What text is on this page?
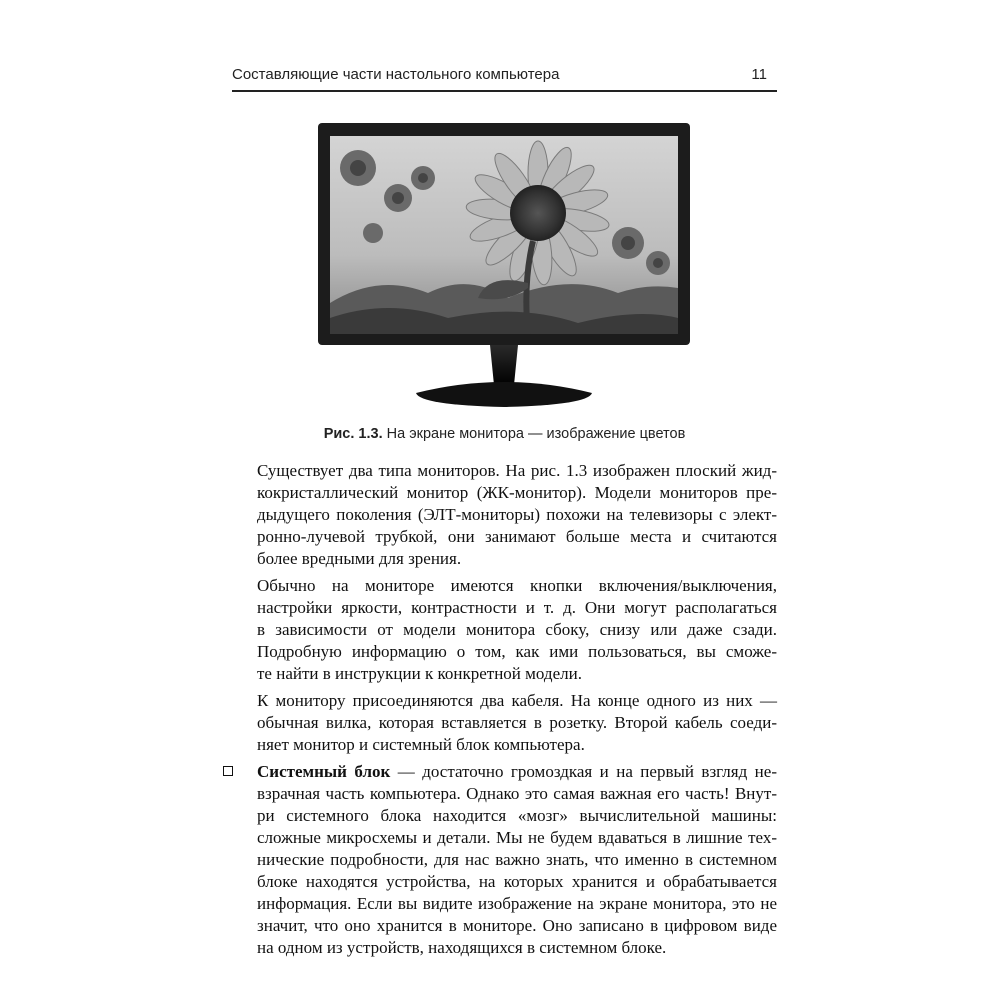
Составляющие части настольного компьютера	11
Рис. 1.3. На экране монитора — изображение цветов
Существует два типа мониторов. На рис. 1.3 изображен плоский жид-
кокристаллический монитор (ЖК-монитор). Модели мониторов пре-
дыдущего поколения (ЭЛТ-мониторы) похожи на телевизоры с элект-
ронно-лучевой трубкой, они занимают больше места и считаются
более вредными для зрения.
Обычно на мониторе имеются кнопки включения/выключения,
настройки яркости, контрастности и т. д. Они могут располагаться
в зависимости от модели монитора сбоку, снизу или даже сзади.
Подробную информацию о том, как ими пользоваться, вы сможе-
те найти в инструкции к конкретной модели.
К монитору присоединяются два кабеля. На конце одного из них —
обычная вилка, которая вставляется в розетку. Второй кабель соеди-
няет монитор и системный блок компьютера.
Системный блок — достаточно громоздкая и на первый взгляд не-
взрачная часть компьютера. Однако это самая важная его часть! Внут-
ри системного блока находится «мозг» вычислительной машины:
сложные микросхемы и детали. Мы не будем вдаваться в лишние тех-
нические подробности, для нас важно знать, что именно в системном
блоке находятся устройства, на которых хранится и обрабатывается
информация. Если вы видите изображение на экране монитора, это не
значит, что оно хранится в мониторе. Оно записано в цифровом виде
на одном из устройств, находящихся в системном блоке.
